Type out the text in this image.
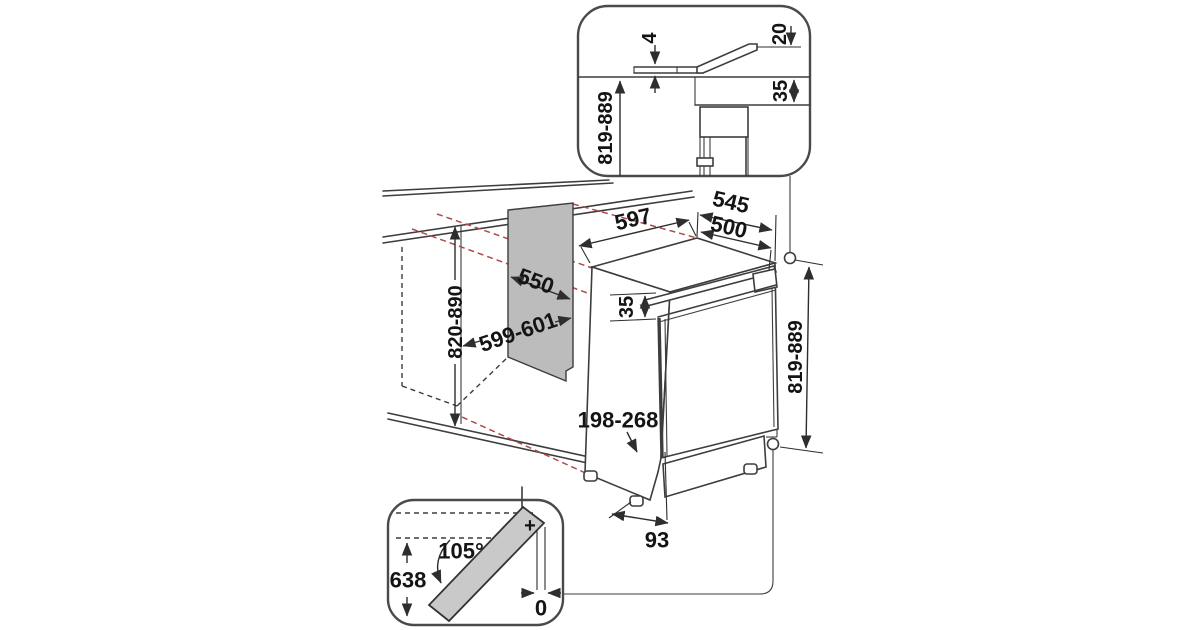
820-890
550
599-601
597
545
500
35
819-889
198-268
93
819-889
4	20
35
+
105°
638
0
